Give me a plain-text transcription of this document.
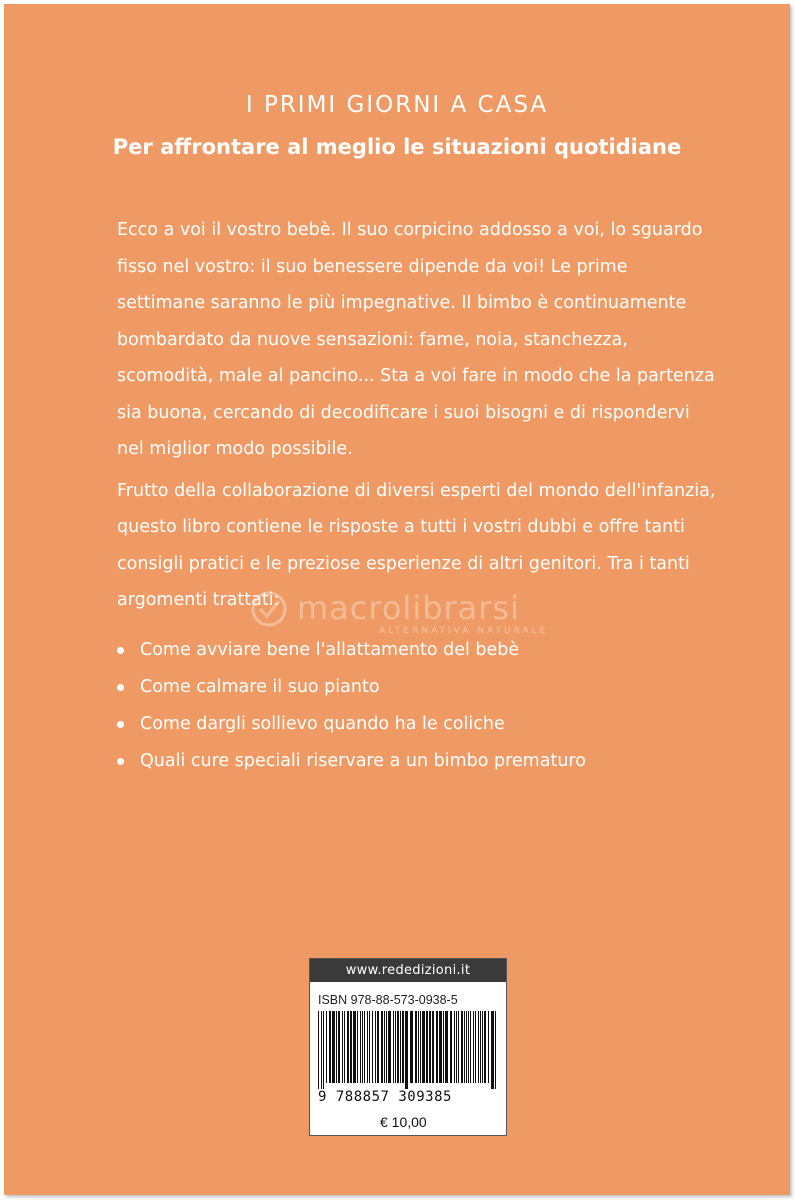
I PRIMI GIORNI A CASA
Per affrontare al meglio le situazioni quotidiane

Ecco a voi il vostro bebè. Il suo corpicino addosso a voi, lo sguardo fisso nel vostro: il suo benessere dipende da voi! Le prime settimane saranno le più impegnative. Il bimbo è continuamente bombardato da nuove sensazioni: fame, noia, stanchezza, scomodità, male al pancino... Sta a voi fare in modo che la partenza sia buona, cercando di decodificare i suoi bisogni e di rispondervi nel miglior modo possibile.

Frutto della collaborazione di diversi esperti del mondo dell'infanzia, questo libro contiene le risposte a tutti i vostri dubbi e offre tanti consigli pratici e le preziose esperienze di altri genitori. Tra i tanti argomenti trattati:

Come avviare bene l'allattamento del bebè
Come calmare il suo pianto
Come dargli sollievo quando ha le coliche
Quali cure speciali riservare a un bimbo prematuro
macrolibrarsi
ALTERNATIVA NATURALE
www.rededizioni.it
ISBN 978-88-573-0938-5
9 788857 309385
€ 10,00
